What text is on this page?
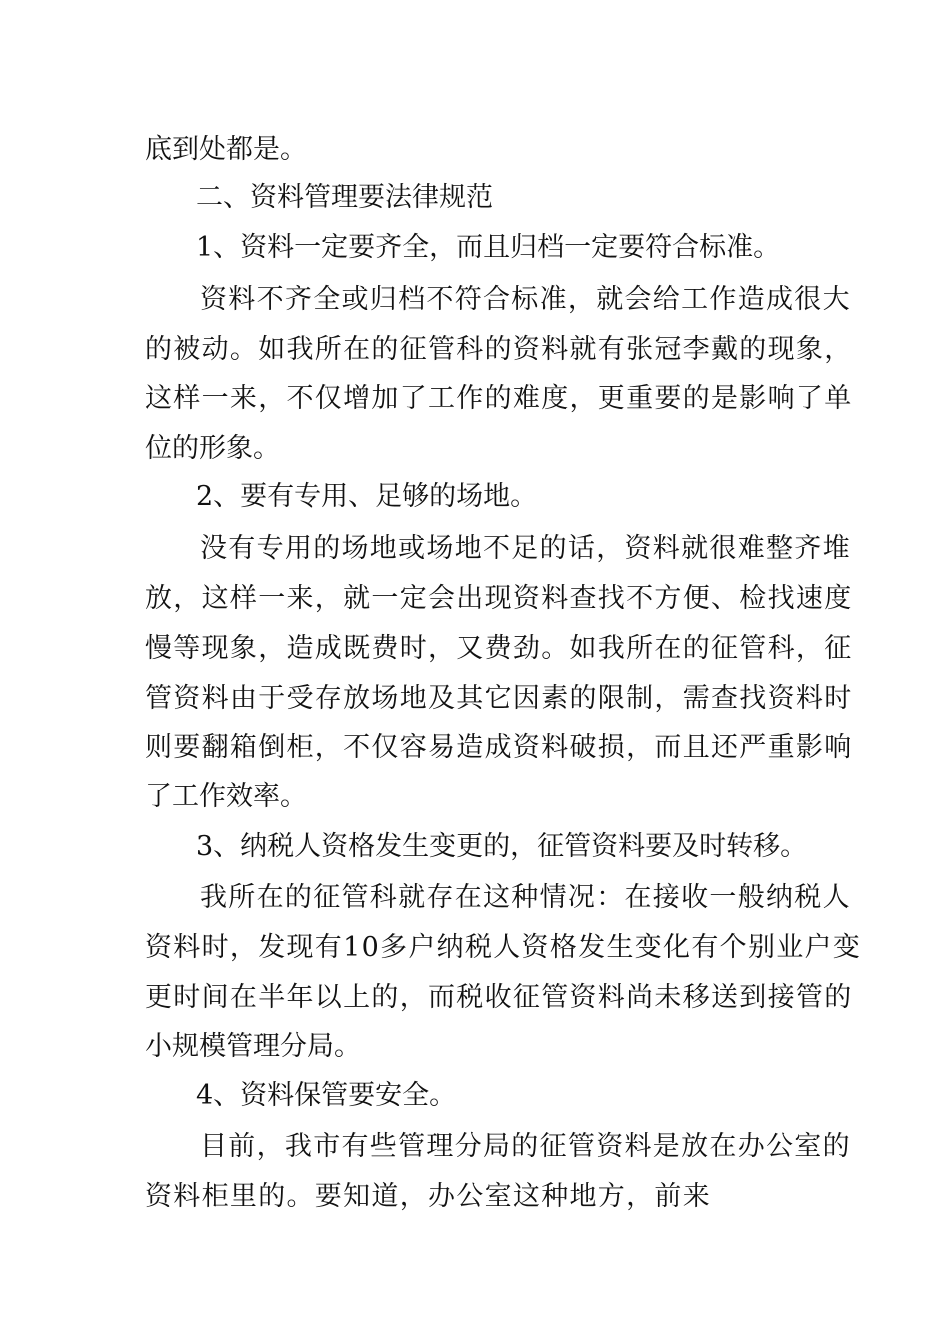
底到处都是。

二、资料管理要法律规范

1、资料一定要齐全，而且归档一定要符合标准。

资料不齐全或归档不符合标准，就会给工作造成很大

的被动。如我所在的征管科的资料就有张冠李戴的现象，

这样一来，不仅增加了工作的难度，更重要的是影响了单

位的形象。

2、要有专用、足够的场地。

没有专用的场地或场地不足的话，资料就很难整齐堆

放，这样一来，就一定会出现资料查找不方便、检找速度

慢等现象，造成既费时，又费劲。如我所在的征管科，征

管资料由于受存放场地及其它因素的限制，需查找资料时

则要翻箱倒柜，不仅容易造成资料破损，而且还严重影响

了工作效率。

3、纳税人资格发生变更的，征管资料要及时转移。

我所在的征管科就存在这种情况：在接收一般纳税人

资料时，发现有10多户纳税人资格发生变化有个别业户变

更时间在半年以上的，而税收征管资料尚未移送到接管的

小规模管理分局。

4、资料保管要安全。

目前，我市有些管理分局的征管资料是放在办公室的

资料柜里的。要知道，办公室这种地方，前来
